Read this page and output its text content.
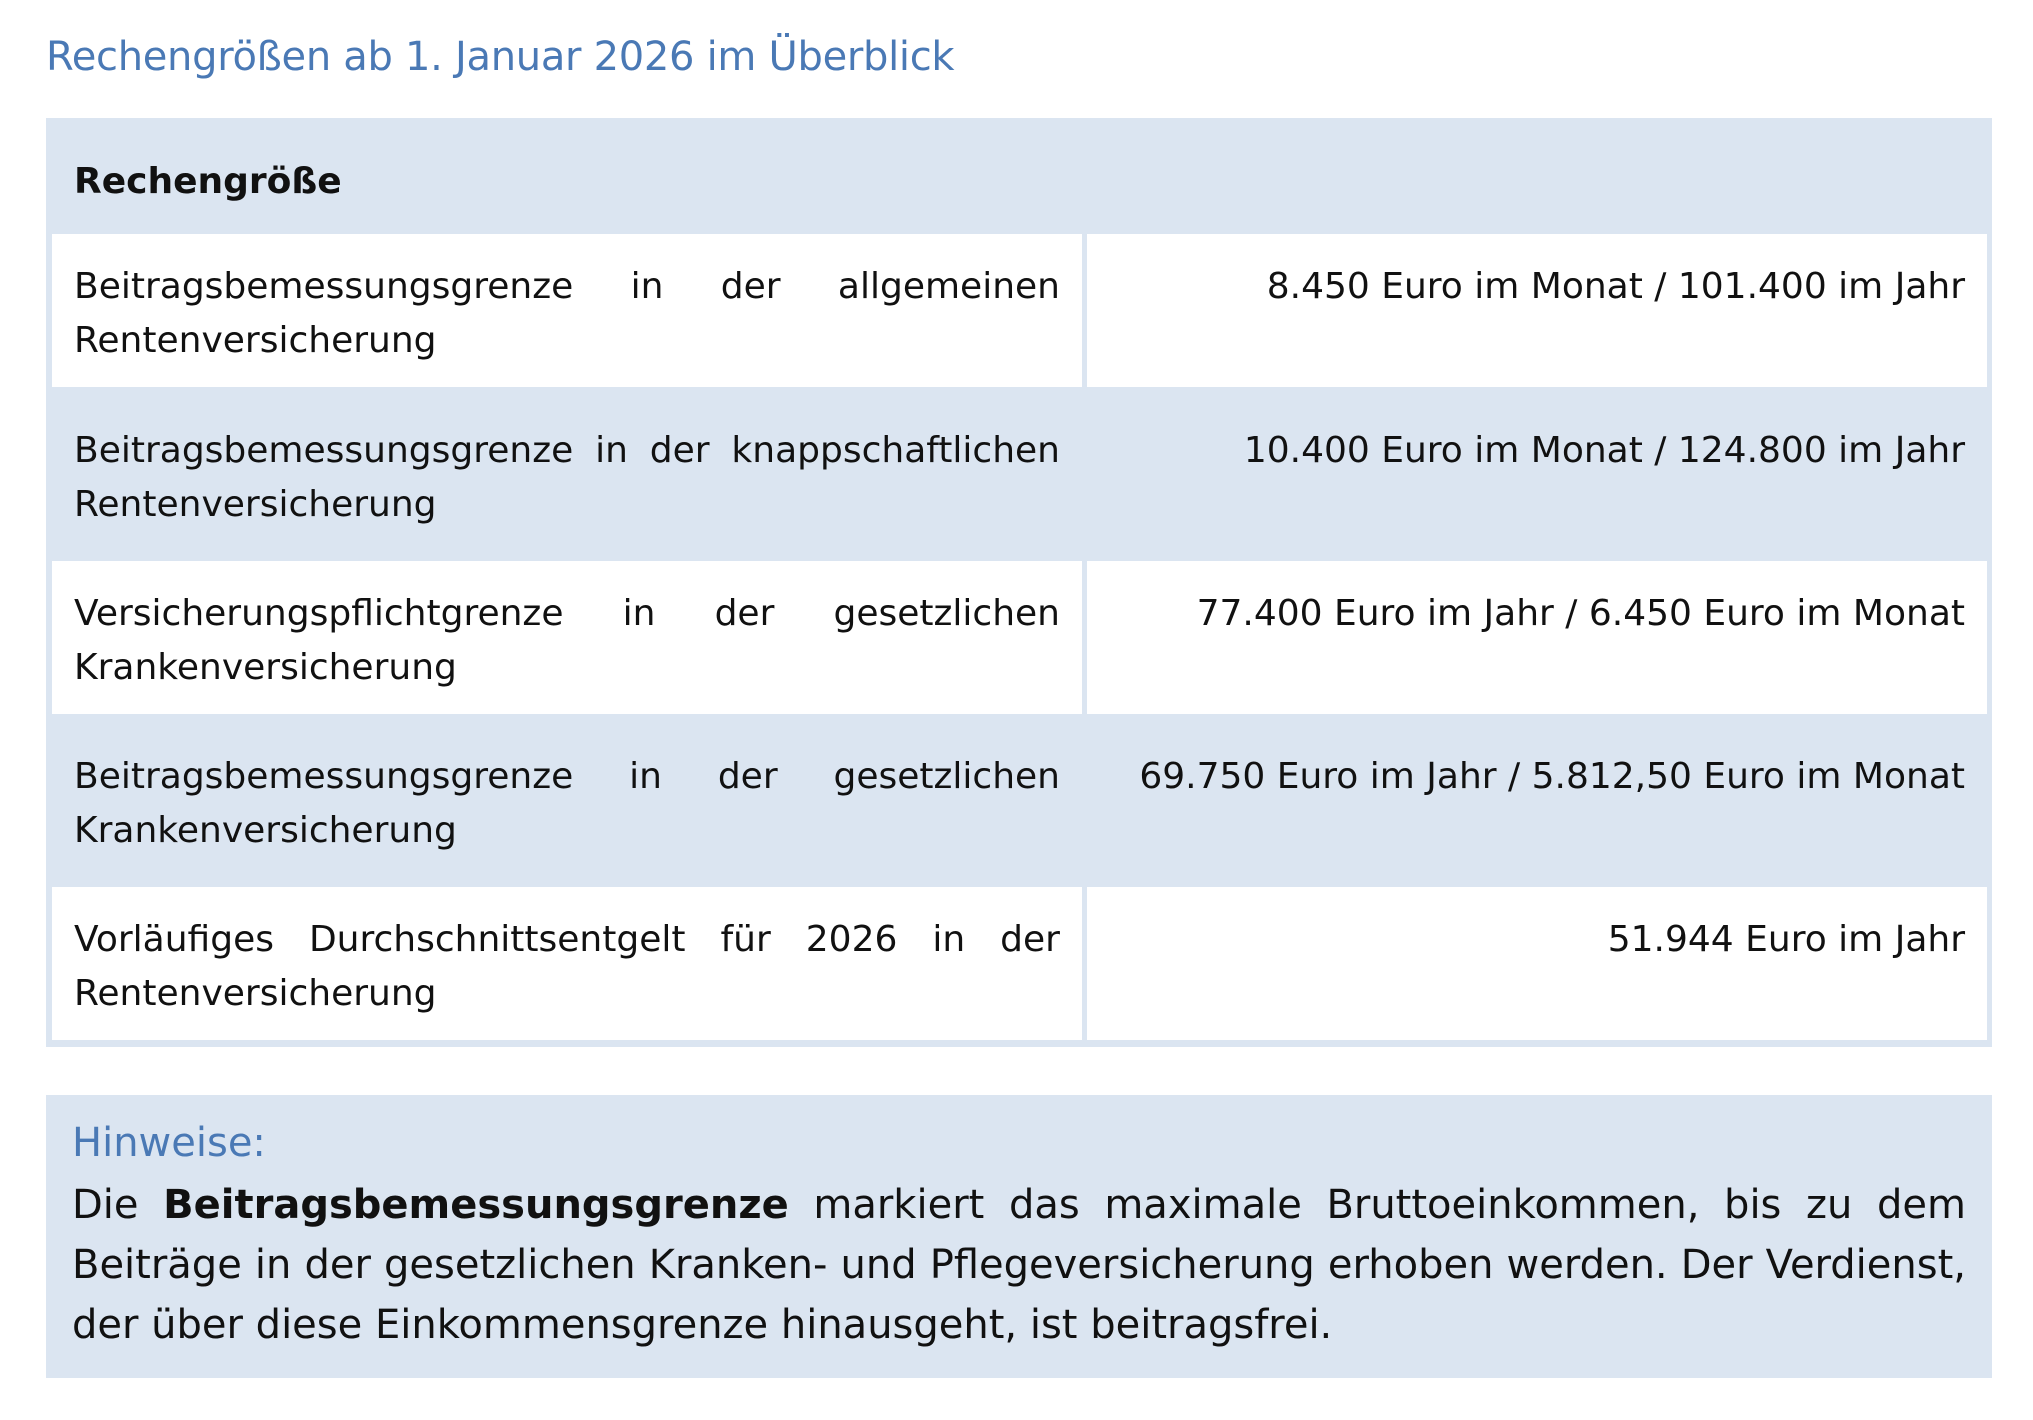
Rechengrößen ab 1. Januar 2026 im Überblick
Rechengröße
Beitragsbemessungsgrenze in der allgemeinen Rentenversicherung
8.450 Euro im Monat / 101.400 im Jahr
Beitragsbemessungsgrenze in der knappschaftlichen Rentenversicherung
10.400 Euro im Monat / 124.800 im Jahr
Versicherungspflichtgrenze in der gesetzlichen Krankenversicherung
77.400 Euro im Jahr / 6.450 Euro im Monat
Beitragsbemessungsgrenze in der gesetzlichen Krankenversicherung
69.750 Euro im Jahr / 5.812,50 Euro im Monat
Vorläufiges Durchschnittsentgelt für 2026 in der Rentenversicherung
51.944 Euro im Jahr
Hinweise:
Die Beitragsbemessungsgrenze markiert das maximale Bruttoeinkommen, bis zu dem Beiträge in der gesetzlichen Kranken- und Pflegeversicherung erhoben werden. Der Verdienst, der über diese Einkommensgrenze hinausgeht, ist beitragsfrei.
